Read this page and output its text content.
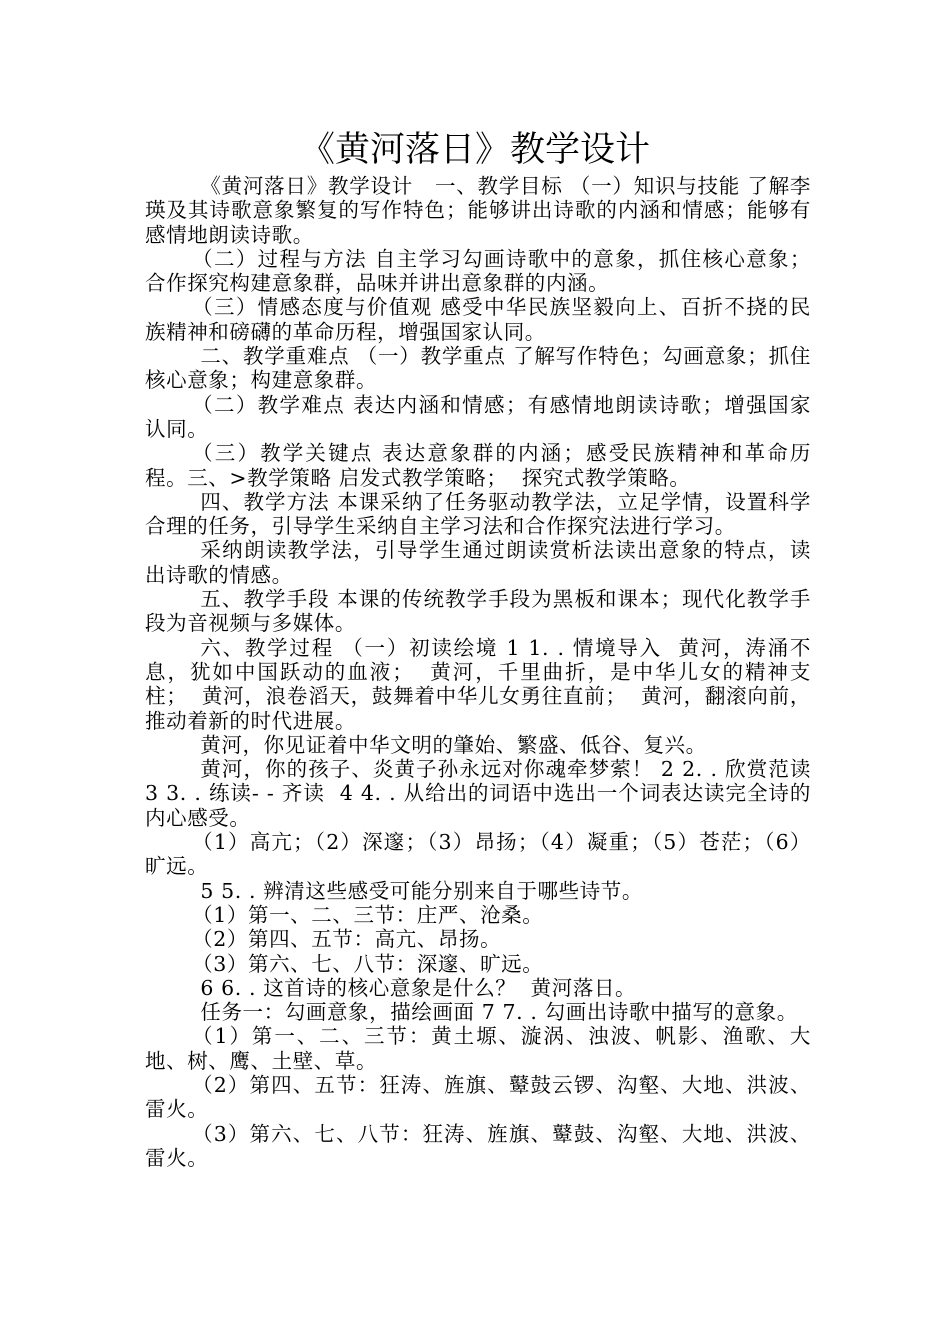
《黄河落日》教学设计

《黄河落日》教学设计   一、教学目标 （一）知识与技能 了解李瑛及其诗歌意象繁复的写作特色；能够讲出诗歌的内涵和情感；能够有感情地朗读诗歌。

（二）过程与方法 自主学习勾画诗歌中的意象，抓住核心意象；合作探究构建意象群，品味并讲出意象群的内涵。

（三）情感态度与价值观 感受中华民族坚毅向上、百折不挠的民族精神和磅礴的革命历程，增强国家认同。

二、教学重难点 （一）教学重点 了解写作特色；勾画意象；抓住核心意象；构建意象群。

（二）教学难点 表达内涵和情感；有感情地朗读诗歌；增强国家认同。

（三）教学关键点 表达意象群的内涵；感受民族精神和革命历程。三、>教学策略 启发式教学策略；  探究式教学策略。

四、教学方法 本课采纳了任务驱动教学法，立足学情，设置科学合理的任务，引导学生采纳自主学习法和合作探究法进行学习。

采纳朗读教学法，引导学生通过朗读赏析法读出意象的特点，读出诗歌的情感。

五、教学手段 本课的传统教学手段为黑板和课本；现代化教学手段为音视频与多媒体。

六、教学过程 （一）初读绘境 1 1. . 情境导入  黄河，涛涌不息，犹如中国跃动的血液；  黄河，千里曲折，是中华儿女的精神支柱；  黄河，浪卷滔天，鼓舞着中华儿女勇往直前；  黄河，翻滚向前，推动着新的时代进展。

黄河，你见证着中华文明的肇始、繁盛、低谷、复兴。

黄河，你的孩子、炎黄子孙永远对你魂牵梦萦！ 2 2. . 欣赏范读  3 3. . 练读- - 齐读  4 4. . 从给出的词语中选出一个词表达读完全诗的内心感受。

（1）高亢；（2）深邃；（3）昂扬；（4）凝重；（5）苍茫；（6）旷远。

5 5. . 辨清这些感受可能分别来自于哪些诗节。

（1）第一、二、三节：庄严、沧桑。

（2）第四、五节：高亢、昂扬。

（3）第六、七、八节：深邃、旷远。

6 6. . 这首诗的核心意象是什么？  黄河落日。

任务一：勾画意象，描绘画面 7 7. . 勾画出诗歌中描写的意象。

（1）第一、二、三节：黄土塬、漩涡、浊波、帆影、渔歌、大地、树、鹰、土壁、草。

（2）第四、五节：狂涛、旌旗、鼙鼓云锣、沟壑、大地、洪波、雷火。

（3）第六、七、八节：狂涛、旌旗、鼙鼓、沟壑、大地、洪波、雷火。
